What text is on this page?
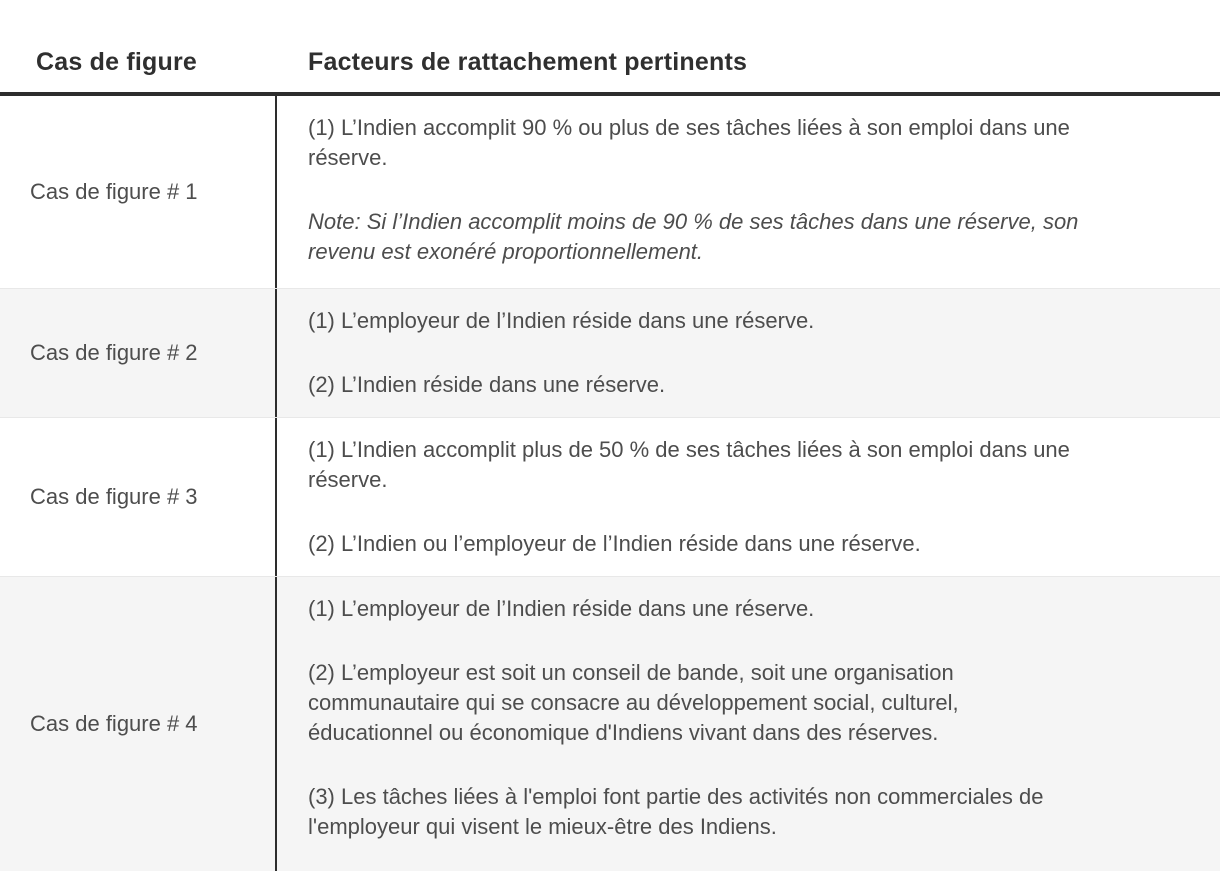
Cas de figure	Facteurs de rattachement pertinents
Cas de figure # 1

(1) L’Indien accomplit 90 % ou plus de ses tâches liées à son emploi dans une réserve.

Note: Si l’Indien accomplit moins de 90 % de ses tâches dans une réserve, son revenu est exonéré proportionnellement.

Cas de figure # 2

(1) L’employeur de l’Indien réside dans une réserve.

(2) L’Indien réside dans une réserve.

Cas de figure # 3

(1) L’Indien accomplit plus de 50 % de ses tâches liées à son emploi dans une réserve.

(2) L’Indien ou l’employeur de l’Indien réside dans une réserve.

Cas de figure # 4

(1) L’employeur de l’Indien réside dans une réserve.

(2) L’employeur est soit un conseil de bande, soit une organisation communautaire qui se consacre au développement social, culturel, éducationnel ou économique d'Indiens vivant dans des réserves.

(3) Les tâches liées à l'emploi font partie des activités non commerciales de l'employeur qui visent le mieux-être des Indiens.
